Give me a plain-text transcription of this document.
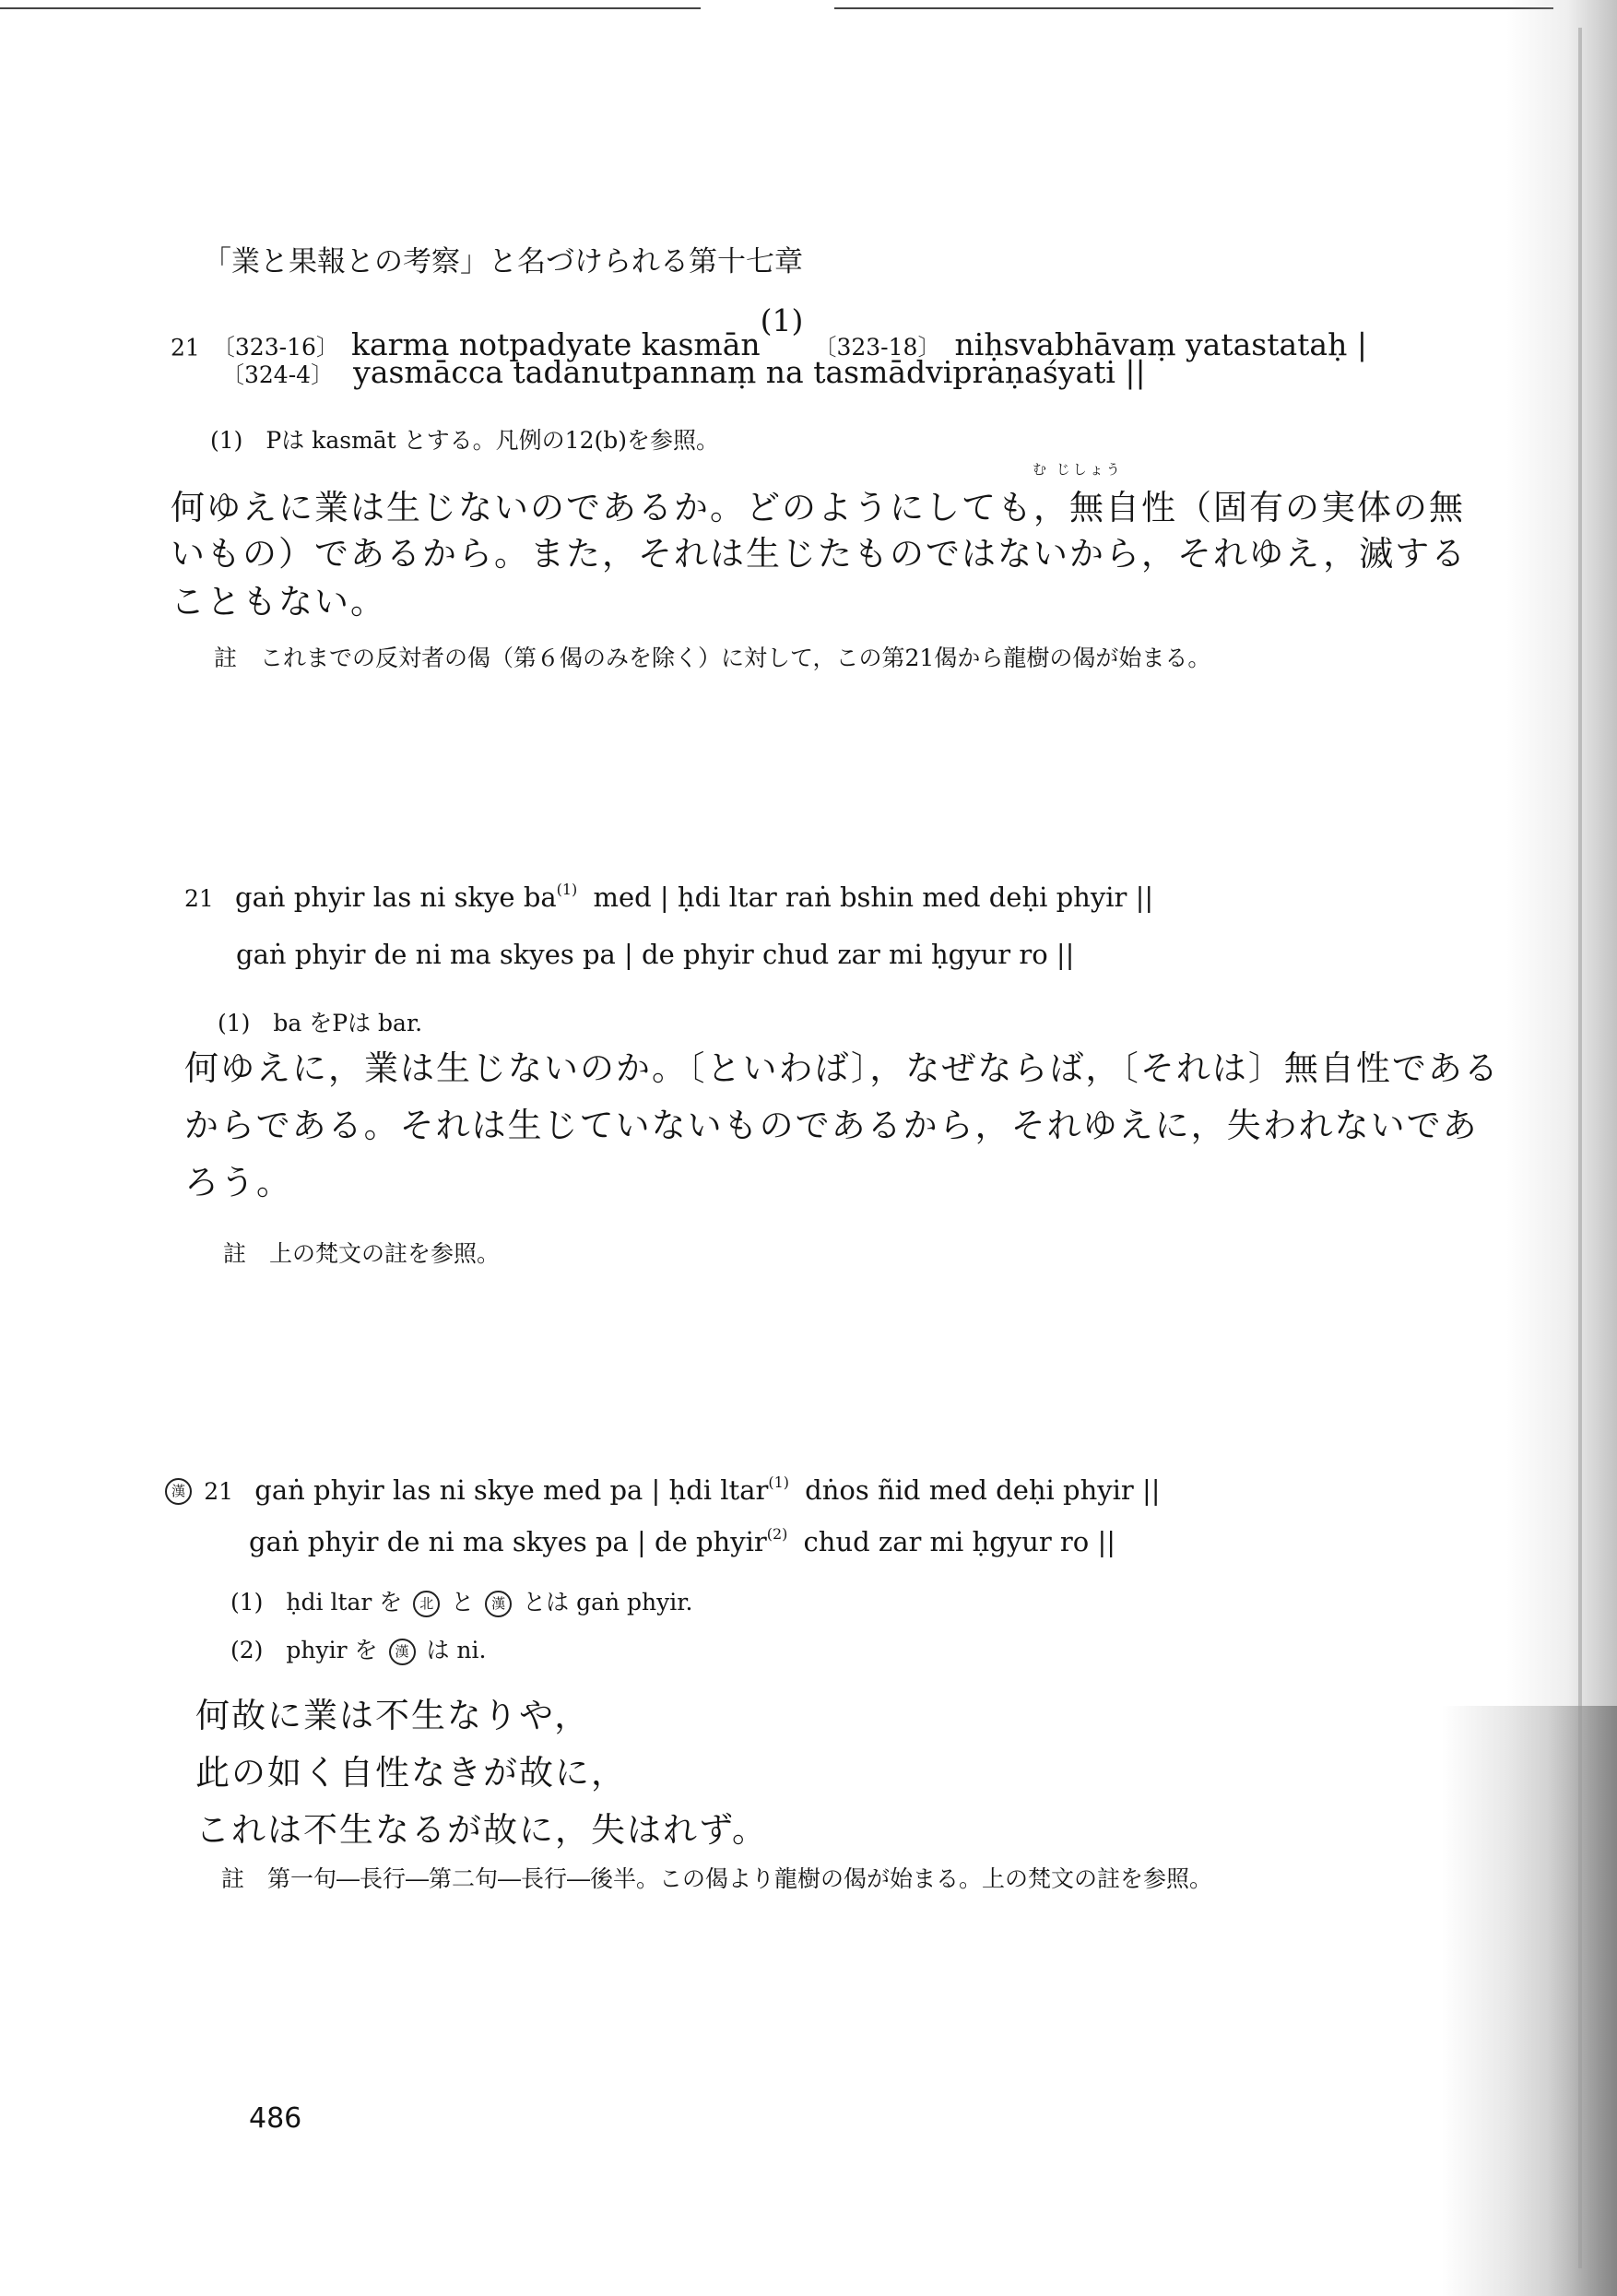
「業と果報との考察」と名づけられる第十七章
21 〔323-16〕 karma notpadyate kasmān$^{(1)}$ 〔323-18〕 niḥsvabhāvaṃ yatastataḥ |
〔324-4〕 yasmācca tadanutpannaṃ na tasmādvipraṇaśyati ||
(1)　Pは kasmāt とする。凡例の12(b)を参照。
む じしょう
何ゆえに業は生じないのであるか。どのようにしても，無自性（固有の実体の無
いもの）であるから。また，それは生じたものではないから，それゆえ，滅する
こともない。
註　これまでの反対者の偈（第６偈のみを除く）に対して，この第21偈から龍樹の偈が始まる。
21 gaṅ phyir las ni skye $ba^{(1)}$ med | ḥdi ltar raṅ bshin med deḥi phyir ||
gaṅ phyir de ni ma skyes pa | de phyir chud zar mi ḥgyur ro ||
(1)　ba をPは bar.
何ゆえに，業は生じないのか。〔といわば〕，なぜならば，〔それは〕無自性である
からである。それは生じていないものであるから，それゆえに，失われないであ
ろう。
註　上の梵文の註を参照。
漢 21 gaṅ phyir las ni skye med pa | ḥdi ltar$^{(1)}$ dṅos ñid med deḥi phyir ||
gaṅ phyir de ni ma skyes pa | de phyir$^{(2)}$ chud zar mi ḥgyur ro ||
(1)　ḥdi ltar を 北 と 漢 とは gaṅ phyir.
(2)　phyir を 漢 は ni.
何故に業は不生なりや，
此の如く自性なきが故に，
これは不生なるが故に，失はれず。
註　第一句―長行―第二句―長行―後半。この偈より龍樹の偈が始まる。上の梵文の註を参照。
486
